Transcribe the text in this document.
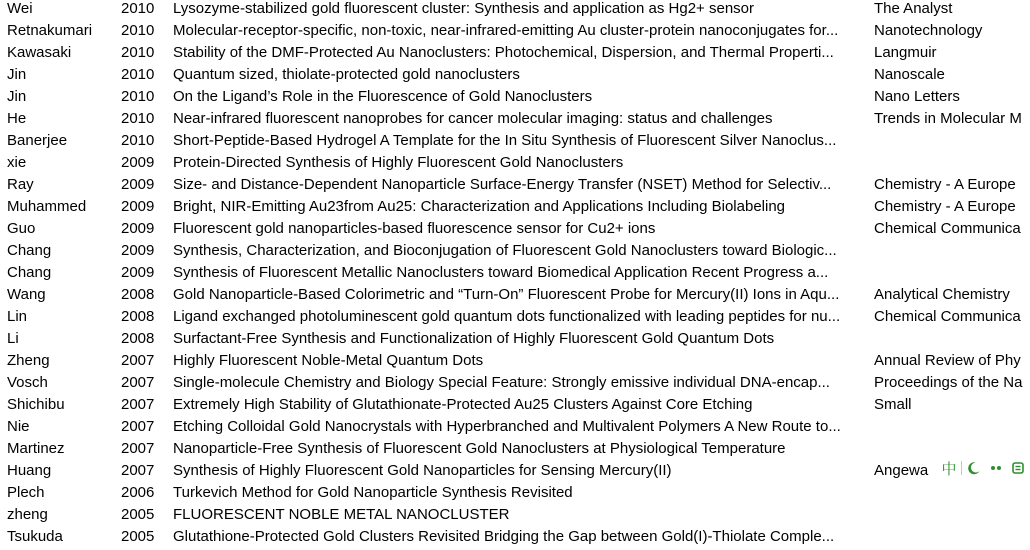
Wei	2010	Lysozyme-stabilized gold fluorescent cluster: Synthesis and application as Hg2+ sensor	The Analyst
Retnakumari	2010	Molecular-receptor-specific, non-toxic, near-infrared-emitting Au cluster-protein nanoconjugates for...	Nanotechnology
Kawasaki	2010	Stability of the DMF-Protected Au Nanoclusters: Photochemical, Dispersion, and Thermal Properti...	Langmuir
Jin	2010	Quantum sized, thiolate-protected gold nanoclusters	Nanoscale
Jin	2010	On the Ligand’s Role in the Fluorescence of Gold Nanoclusters	Nano Letters
He	2010	Near-infrared fluorescent nanoprobes for cancer molecular imaging: status and challenges	Trends in Molecular M
Banerjee	2010	Short-Peptide-Based Hydrogel A Template for the In Situ Synthesis of Fluorescent Silver Nanoclus...
xie	2009	Protein-Directed Synthesis of Highly Fluorescent Gold Nanoclusters
Ray	2009	Size- and Distance-Dependent Nanoparticle Surface-Energy Transfer (NSET) Method for Selectiv...	Chemistry - A Europe
Muhammed	2009	Bright, NIR-Emitting Au23from Au25: Characterization and Applications Including Biolabeling	Chemistry - A Europe
Guo	2009	Fluorescent gold nanoparticles-based fluorescence sensor for Cu2+ ions	Chemical Communica
Chang	2009	Synthesis, Characterization, and Bioconjugation of Fluorescent Gold Nanoclusters toward Biologic...
Chang	2009	Synthesis of Fluorescent Metallic Nanoclusters toward Biomedical Application Recent Progress a...
Wang	2008	Gold Nanoparticle-Based Colorimetric and “Turn-On” Fluorescent Probe for Mercury(II) Ions in Aqu...	Analytical Chemistry
Lin	2008	Ligand exchanged photoluminescent gold quantum dots functionalized with leading peptides for nu...	Chemical Communica
Li	2008	Surfactant-Free Synthesis and Functionalization of Highly Fluorescent Gold Quantum Dots
Zheng	2007	Highly Fluorescent Noble-Metal Quantum Dots	Annual Review of Phy
Vosch	2007	Single-molecule Chemistry and Biology Special Feature: Strongly emissive individual DNA-encap...	Proceedings of the Na
Shichibu	2007	Extremely High Stability of Glutathionate-Protected Au25 Clusters Against Core Etching	Small
Nie	2007	Etching Colloidal Gold Nanocrystals with Hyperbranched and Multivalent Polymers A New Route to...
Martinez	2007	Nanoparticle-Free Synthesis of Fluorescent Gold Nanoclusters at Physiological Temperature
Huang	2007	Synthesis of Highly Fluorescent Gold Nanoparticles for Sensing Mercury(II)	Angewa
Plech	2006	Turkevich Method for Gold Nanoparticle Synthesis Revisited
zheng	2005	FLUORESCENT NOBLE METAL NANOCLUSTER
Tsukuda	2005	Glutathione-Protected Gold Clusters Revisited Bridging the Gap between Gold(I)-Thiolate Comple...
中
